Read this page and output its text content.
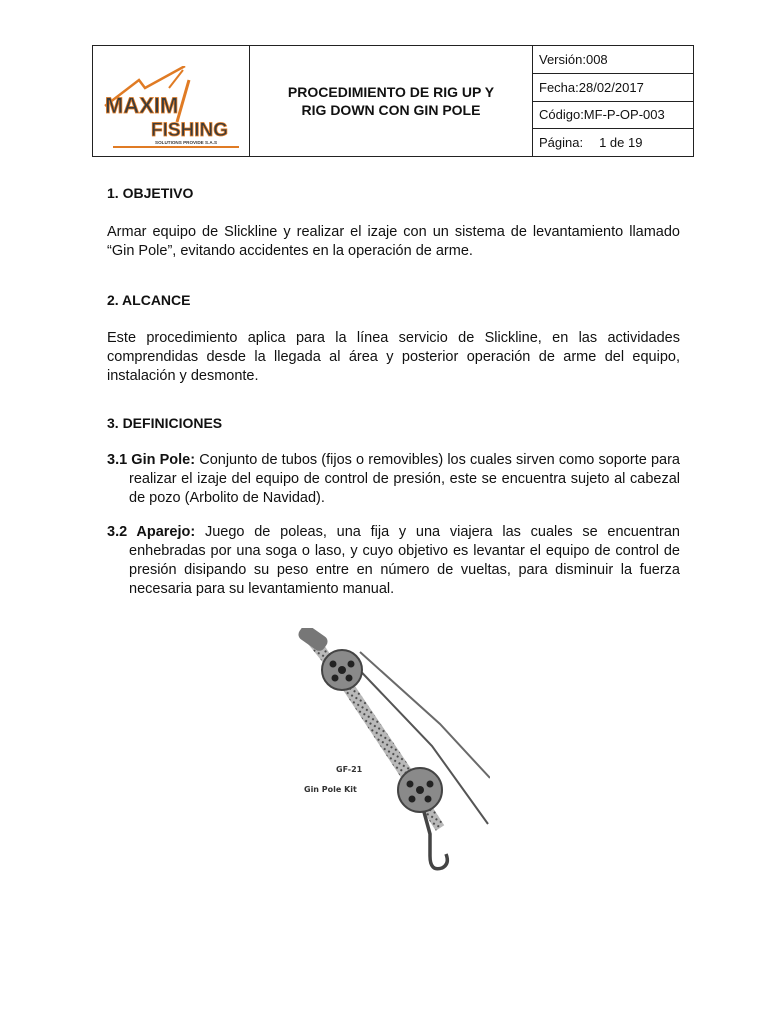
MAXIM
FISHING
SOLUTIONS PROVIDE S.A.S
PROCEDIMIENTO DE RIG UP Y RIG DOWN CON GIN POLE
Versión:008
Fecha:28/02/2017
Código:MF-P-OP-003
Página: 1 de 19
1. OBJETIVO
Armar equipo de Slickline y realizar el izaje con un sistema de levantamiento llamado “Gin Pole”, evitando accidentes en la operación de arme.
2. ALCANCE
Este procedimiento aplica para la línea servicio de Slickline, en las actividades comprendidas desde la llegada al área y posterior operación de arme del equipo, instalación y desmonte.
3. DEFINICIONES
3.1 Gin Pole: Conjunto de tubos (fijos o removibles) los cuales sirven como soporte para realizar el izaje del equipo de control de presión, este se encuentra sujeto al cabezal de pozo (Arbolito de Navidad).
3.2 Aparejo: Juego de poleas, una fija y una viajera las cuales se encuentran enhebradas por una soga o laso, y cuyo objetivo es levantar el equipo de control de presión disipando su peso entre en número de vueltas, para disminuir la fuerza necesaria para su levantamiento manual.
GF-21
Gin Pole Kit
